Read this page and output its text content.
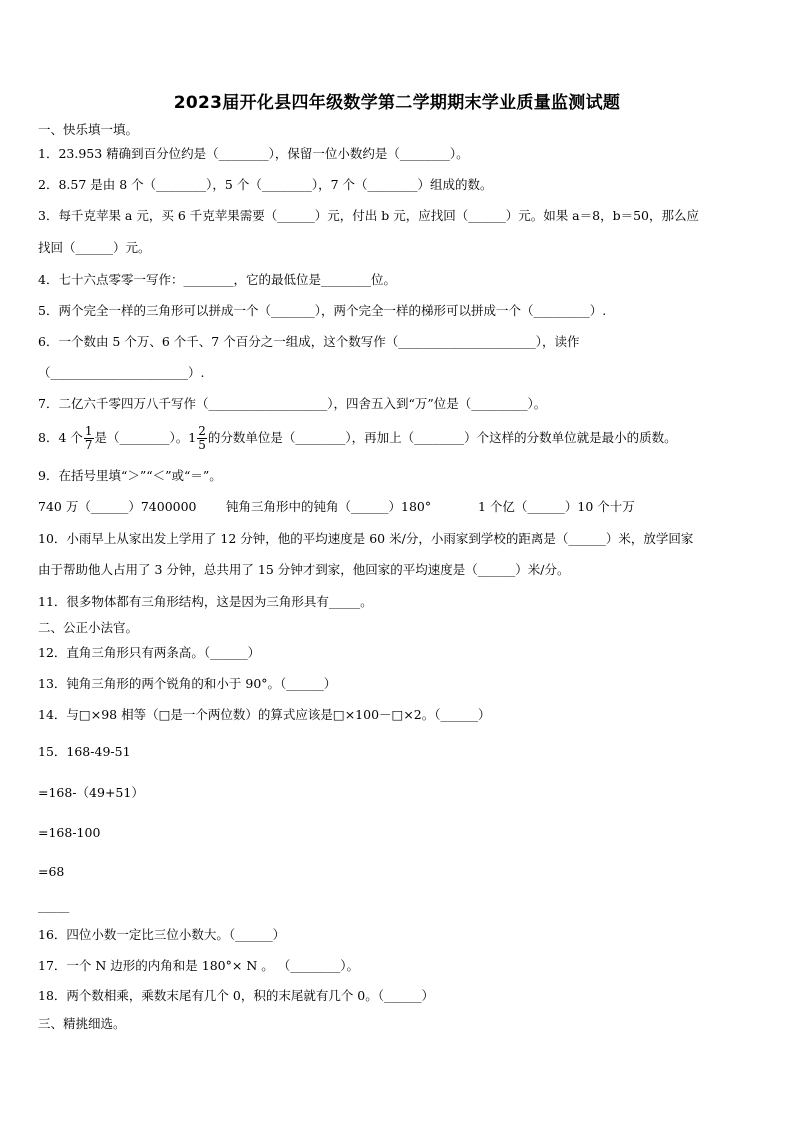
2023届开化县四年级数学第二学期期末学业质量监测试题
一、快乐填一填。
1．23.953 精确到百分位约是（________），保留一位小数约是（________）。
2．8.57 是由 8 个（________），5 个（________），7 个（________）组成的数。
3．每千克苹果 a 元，买 6 千克苹果需要（______）元，付出 b 元，应找回（______）元。如果 a＝8，b＝50，那么应
找回（______）元。
4．七十六点零零一写作：________，它的最低位是________位。
5．两个完全一样的三角形可以拼成一个（_______），两个完全一样的梯形可以拼成一个（_________）.
6．一个数由 5 个万、6 个千、7 个百分之一组成，这个数写作（______________________），读作
（______________________）.
7．二亿六千零四万八千写作（___________________），四舍五入到“万”位是（_________）。
8．4 个 $\frac{1}{7}$ 是（________）。$1 \frac{2}{5}$ 的分数单位是（________），再加上（________）个这样的分数单位就是最小的质数。
9．在括号里填“＞”“＜”或“＝”。
740 万（______）7400000 钝角三角形中的钝角（______）180°	1 个亿（______）10 个十万
10．小雨早上从家出发上学用了 12 分钟，他的平均速度是 60 米/分，小雨家到学校的距离是（______）米，放学回家
由于帮助他人占用了 3 分钟，总共用了 15 分钟才到家，他回家的平均速度是（______）米/分。
11．很多物体都有三角形结构，这是因为三角形具有_____。
二、公正小法官。
12．直角三角形只有两条高。（______）
13．钝角三角形的两个锐角的和小于 90°。（______）
14．与□×98 相等（□是一个两位数）的算式应该是□×100－□×2。（______）
15．168-49-51
=168-（49+51）
=168-100
=68
_____
16．四位小数一定比三位小数大。（______）
17．一个 N 边形的内角和是 180°× N 。 （________）。
18．两个数相乘，乘数末尾有几个 0，积的末尾就有几个 0。（______）
三、精挑细选。
